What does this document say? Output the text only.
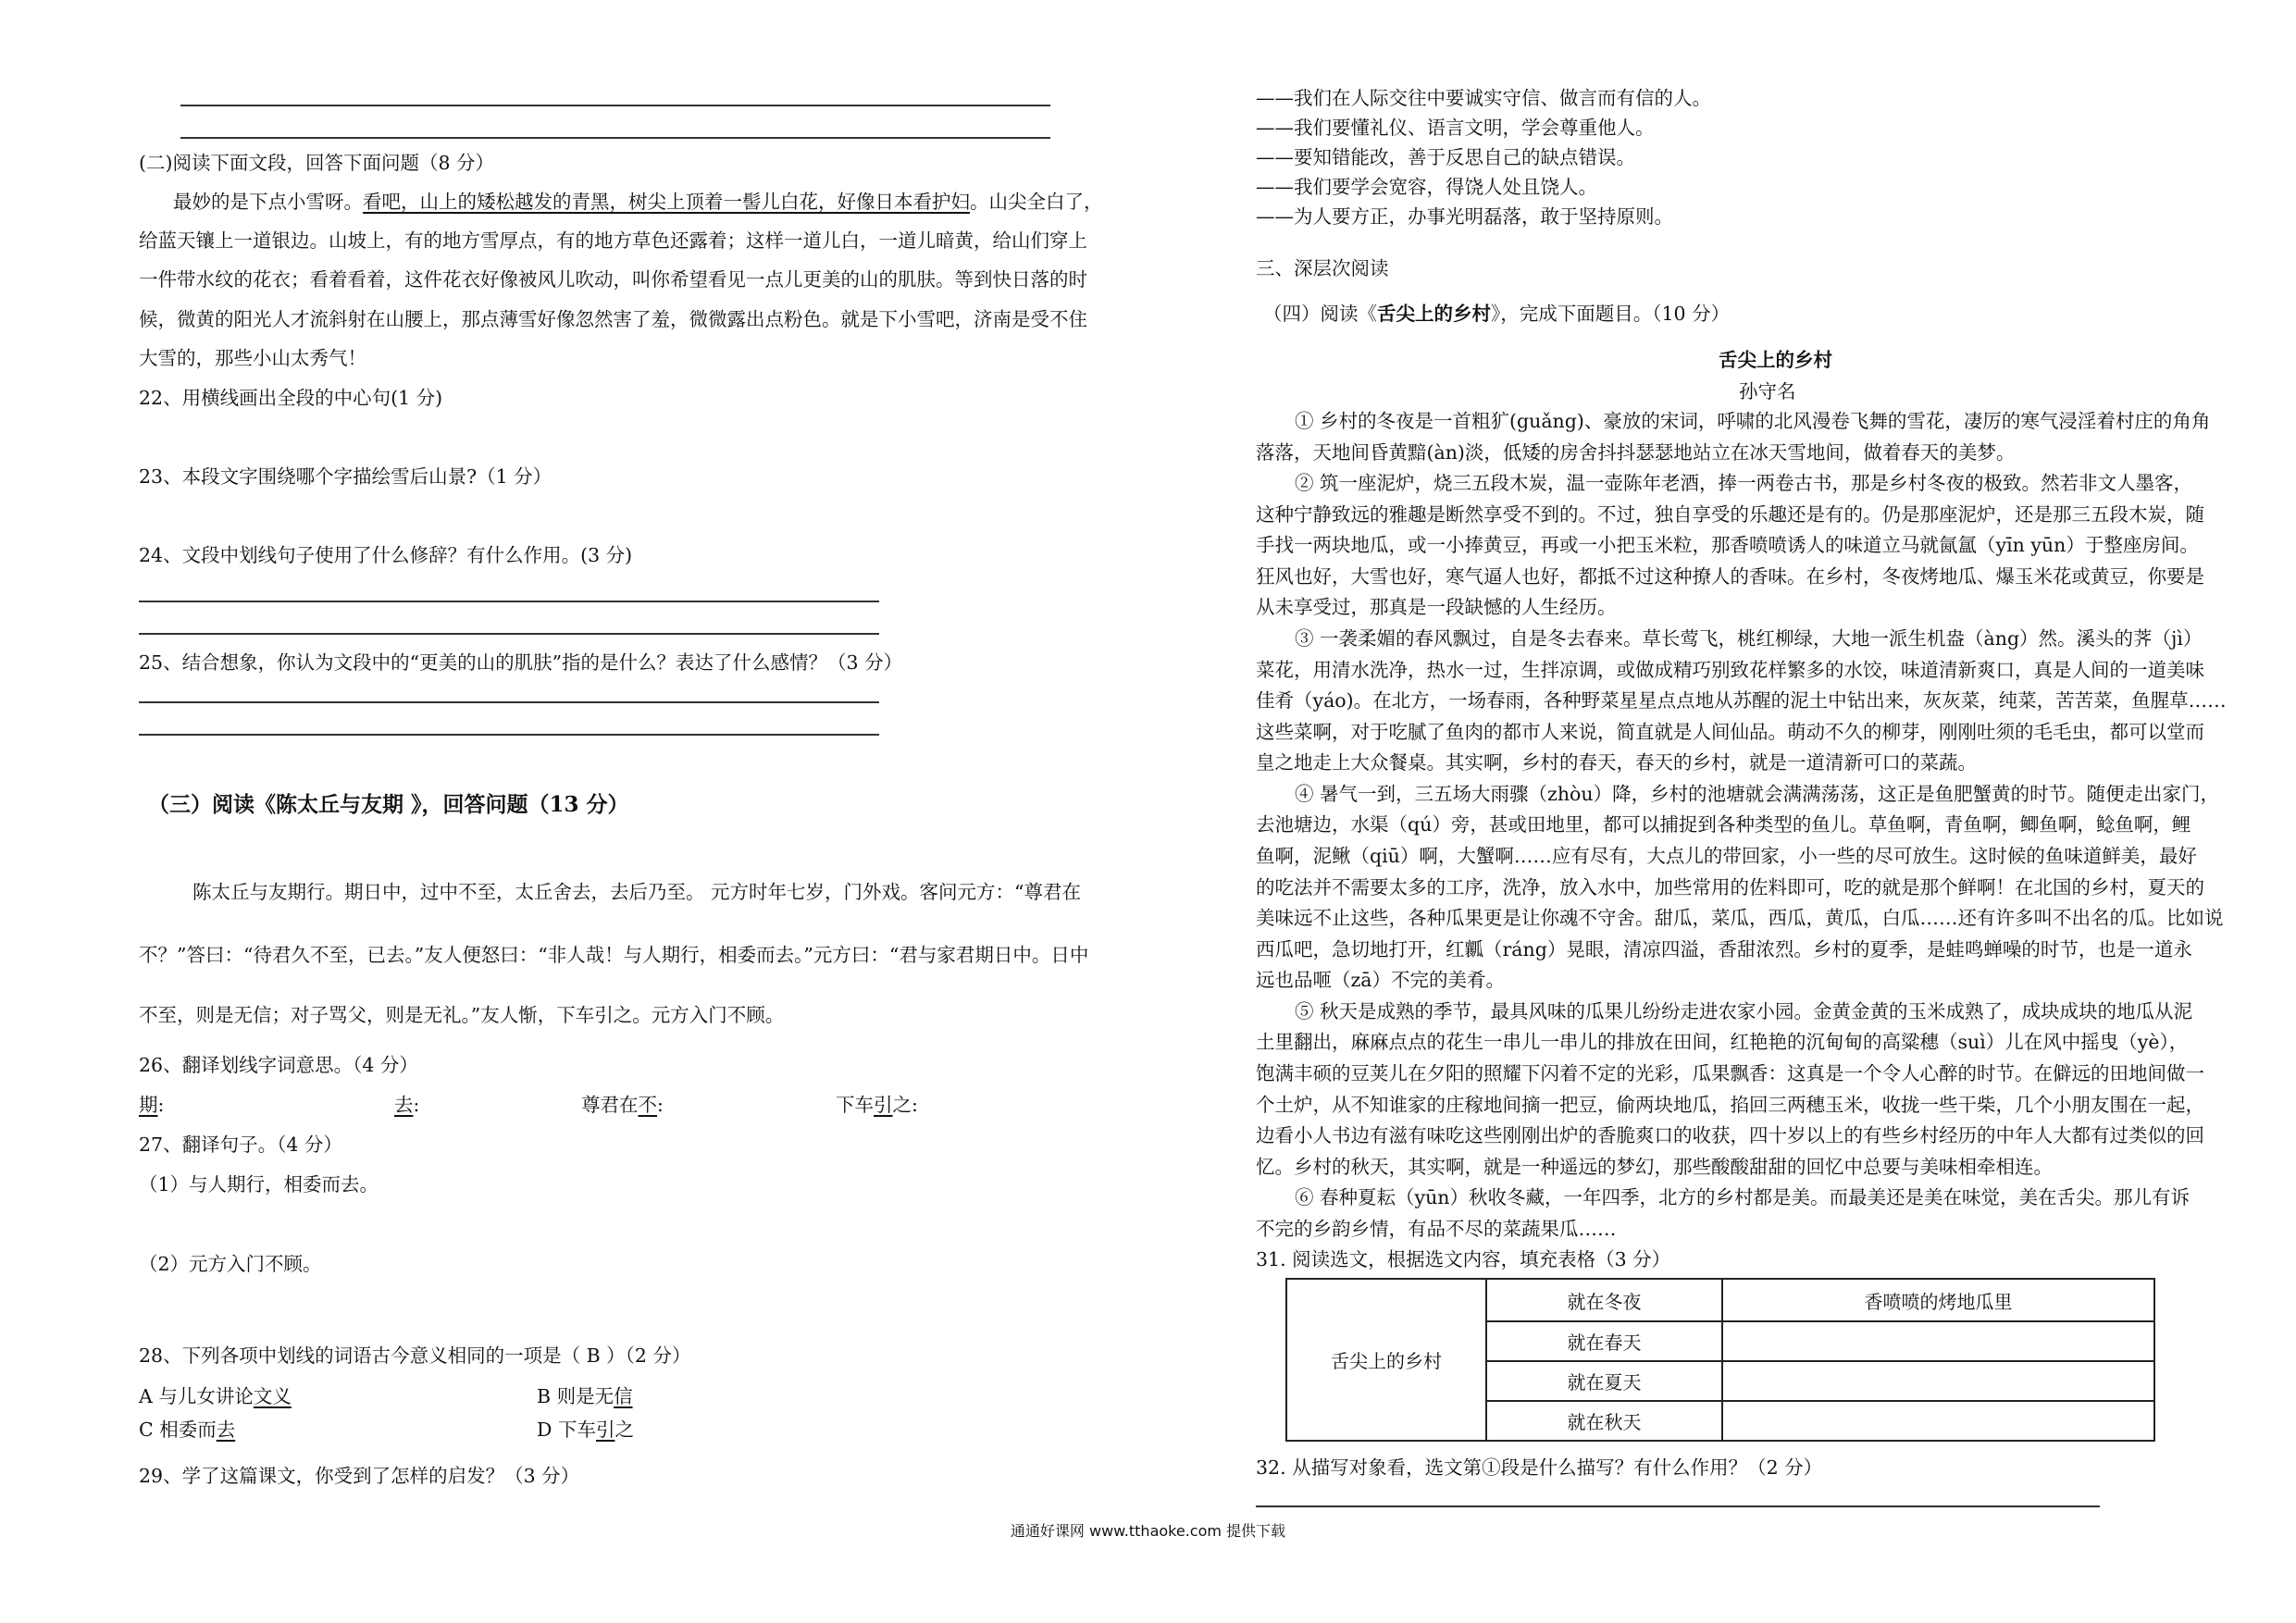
(二)阅读下面文段，回答下面问题（8 分）
最妙的是下点小雪呀。看吧，山上的矮松越发的青黑，树尖上顶着一髻儿白花，好像日本看护妇。山尖全白了，
给蓝天镶上一道银边。山坡上，有的地方雪厚点，有的地方草色还露着；这样一道儿白，一道儿暗黄，给山们穿上
一件带水纹的花衣；看着看着，这件花衣好像被风儿吹动，叫你希望看见一点儿更美的山的肌肤。等到快日落的时
候，微黄的阳光人才流斜射在山腰上，那点薄雪好像忽然害了羞，微微露出点粉色。就是下小雪吧，济南是受不住
大雪的，那些小山太秀气！
22、用横线画出全段的中心句(1 分)
23、本段文字围绕哪个字描绘雪后山景?（1 分）
24、文段中划线句子使用了什么修辞？有什么作用。(3 分)
25、结合想象，你认为文段中的“更美的山的肌肤”指的是什么？表达了什么感情？（3 分）
（三）阅读《陈太丘与友期 》，回答问题（13 分）
陈太丘与友期行。期日中，过中不至，太丘舍去，去后乃至。 元方时年七岁，门外戏。客问元方：“尊君在
不？”答曰：“待君久不至，已去。”友人便怒曰：“非人哉！与人期行，相委而去。”元方曰：“君与家君期日中。日中
不至，则是无信；对子骂父，则是无礼。”友人惭，下车引之。元方入门不顾。
26、翻译划线字词意思。（4 分）
期:	去:	尊君在不:	下车引之:
27、翻译句子。（4 分）
（1）与人期行，相委而去。
（2）元方入门不顾。
28、下列各项中划线的词语古今意义相同的一项是（ B ）（2 分）
A 与儿女讲论文义	B 则是无信
C 相委而去	D 下车引之
29、学了这篇课文，你受到了怎样的启发？（3 分）
——我们在人际交往中要诚实守信、做言而有信的人。
——我们要懂礼仪、语言文明，学会尊重他人。
——要知错能改，善于反思自己的缺点错误。
——我们要学会宽容，得饶人处且饶人。
——为人要方正，办事光明磊落，敢于坚持原则。
三、深层次阅读
（四）阅读《舌尖上的乡村》，完成下面题目。（10 分）
舌尖上的乡村
孙守名
① 乡村的冬夜是一首粗犷(guǎng)、豪放的宋词，呼啸的北风漫卷飞舞的雪花，凄厉的寒气浸淫着村庄的角角
落落，天地间昏黄黯(àn)淡，低矮的房舍抖抖瑟瑟地站立在冰天雪地间，做着春天的美梦。
② 筑一座泥炉，烧三五段木炭，温一壶陈年老酒，捧一两卷古书，那是乡村冬夜的极致。然若非文人墨客，
这种宁静致远的雅趣是断然享受不到的。不过，独自享受的乐趣还是有的。仍是那座泥炉，还是那三五段木炭，随
手找一两块地瓜，或一小捧黄豆，再或一小把玉米粒，那香喷喷诱人的味道立马就氤氲（yīn yūn）于整座房间。
狂风也好，大雪也好，寒气逼人也好，都抵不过这种撩人的香味。在乡村，冬夜烤地瓜、爆玉米花或黄豆，你要是
从未享受过，那真是一段缺憾的人生经历。
③ 一袭柔媚的春风飘过，自是冬去春来。草长莺飞，桃红柳绿，大地一派生机盎（àng）然。溪头的荠（jì）
菜花，用清水洗净，热水一过，生拌凉调，或做成精巧别致花样繁多的水饺，味道清新爽口，真是人间的一道美味
佳肴（yáo)。在北方，一场春雨，各种野菜星星点点地从苏醒的泥土中钻出来，灰灰菜，纯菜，苦苦菜，鱼腥草……
这些菜啊，对于吃腻了鱼肉的都市人来说，简直就是人间仙品。萌动不久的柳芽，刚刚吐须的毛毛虫，都可以堂而
皇之地走上大众餐桌。其实啊，乡村的春天，春天的乡村，就是一道清新可口的菜蔬。
④ 暑气一到，三五场大雨骤（zhòu）降，乡村的池塘就会满满荡荡，这正是鱼肥蟹黄的时节。随便走出家门，
去池塘边，水渠（qú）旁，甚或田地里，都可以捕捉到各种类型的鱼儿。草鱼啊，青鱼啊，鲫鱼啊，鲶鱼啊，鲤
鱼啊，泥鳅（qiū）啊，大蟹啊……应有尽有，大点儿的带回家，小一些的尽可放生。这时候的鱼味道鲜美，最好
的吃法并不需要太多的工序，洗净，放入水中，加些常用的佐料即可，吃的就是那个鲜啊！在北国的乡村，夏天的
美味远不止这些，各种瓜果更是让你魂不守舍。甜瓜，菜瓜，西瓜，黄瓜，白瓜……还有许多叫不出名的瓜。比如说
西瓜吧，急切地打开，红瓤（ráng）晃眼，清凉四溢，香甜浓烈。乡村的夏季，是蛙鸣蝉噪的时节，也是一道永
远也品咂（zā）不完的美肴。
⑤ 秋天是成熟的季节，最具风味的瓜果儿纷纷走进农家小园。金黄金黄的玉米成熟了，成块成块的地瓜从泥
土里翻出，麻麻点点的花生一串儿一串儿的排放在田间，红艳艳的沉甸甸的高粱穗（suì）儿在风中摇曳（yè），
饱满丰硕的豆荚儿在夕阳的照耀下闪着不定的光彩，瓜果飘香：这真是一个令人心醉的时节。在僻远的田地间做一
个土炉，从不知谁家的庄稼地间摘一把豆，偷两块地瓜，掐回三两穗玉米，收拢一些干柴，几个小朋友围在一起，
边看小人书边有滋有味吃这些刚刚出炉的香脆爽口的收获，四十岁以上的有些乡村经历的中年人大都有过类似的回
忆。乡村的秋天，其实啊，就是一种遥远的梦幻，那些酸酸甜甜的回忆中总要与美味相牵相连。
⑥ 春种夏耘（yūn）秋收冬藏，一年四季，北方的乡村都是美。而最美还是美在味觉，美在舌尖。那儿有诉
不完的乡韵乡情，有品不尽的菜蔬果瓜……
31. 阅读选文，根据选文内容，填充表格（3 分）
舌尖上的乡村	就在冬夜	香喷喷的烤地瓜里
	就在春天	
	就在夏天	
	就在秋天	
32. 从描写对象看，选文第①段是什么描写？有什么作用？（2 分）
通通好课网 www.tthaoke.com 提供下载
